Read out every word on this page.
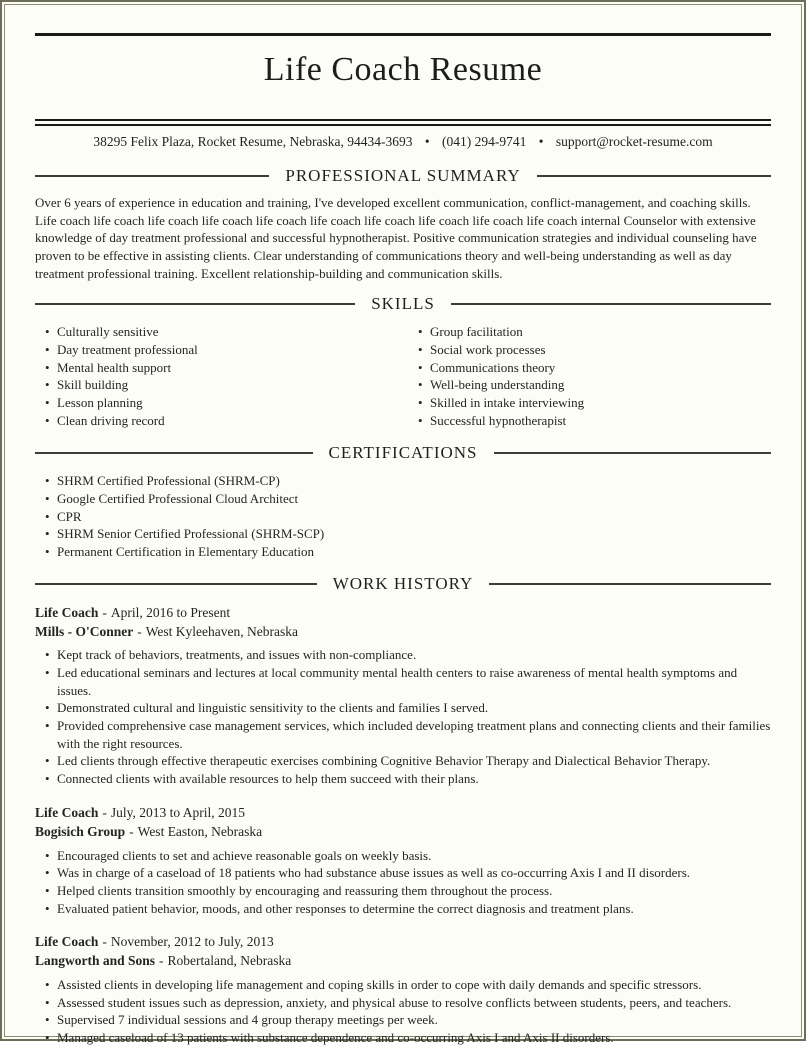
Life Coach Resume
38295 Felix Plaza, Rocket Resume, Nebraska, 94434-3693 • (041) 294-9741 • support@rocket-resume.com
PROFESSIONAL SUMMARY

Over 6 years of experience in education and training, I've developed excellent communication, conflict-management, and coaching skills. Life coach life coach life coach life coach life coach life coach life coach life coach life coach life coach internal Counselor with extensive knowledge of day treatment professional and successful hypnotherapist. Positive communication strategies and individual counseling have proven to be effective in assisting clients. Clear understanding of communications theory and well-being understanding as well as day treatment professional training. Excellent relationship-building and communication skills.

SKILLS
• Culturally sensitive
• Day treatment professional
• Mental health support
• Skill building
• Lesson planning
• Clean driving record
• Group facilitation
• Social work processes
• Communications theory
• Well-being understanding
• Skilled in intake interviewing
• Successful hypnotherapist
CERTIFICATIONS
• SHRM Certified Professional (SHRM-CP)
• Google Certified Professional Cloud Architect
• CPR
• SHRM Senior Certified Professional (SHRM-SCP)
• Permanent Certification in Elementary Education
WORK HISTORY
Life Coach - April, 2016 to Present
Mills - O'Conner - West Kyleehaven, Nebraska
• Kept track of behaviors, treatments, and issues with non-compliance.
• Led educational seminars and lectures at local community mental health centers to raise awareness of mental health symptoms and issues.
• Demonstrated cultural and linguistic sensitivity to the clients and families I served.
• Provided comprehensive case management services, which included developing treatment plans and connecting clients and their families with the right resources.
• Led clients through effective therapeutic exercises combining Cognitive Behavior Therapy and Dialectical Behavior Therapy.
• Connected clients with available resources to help them succeed with their plans.
Life Coach - July, 2013 to April, 2015
Bogisich Group - West Easton, Nebraska
• Encouraged clients to set and achieve reasonable goals on weekly basis.
• Was in charge of a caseload of 18 patients who had substance abuse issues as well as co-occurring Axis I and II disorders.
• Helped clients transition smoothly by encouraging and reassuring them throughout the process.
• Evaluated patient behavior, moods, and other responses to determine the correct diagnosis and treatment plans.
Life Coach - November, 2012 to July, 2013
Langworth and Sons - Robertaland, Nebraska
• Assisted clients in developing life management and coping skills in order to cope with daily demands and specific stressors.
• Assessed student issues such as depression, anxiety, and physical abuse to resolve conflicts between students, peers, and teachers.
• Supervised 7 individual sessions and 4 group therapy meetings per week.
• Managed caseload of 13 patients with substance dependence and co-occurring Axis I and Axis II disorders.
